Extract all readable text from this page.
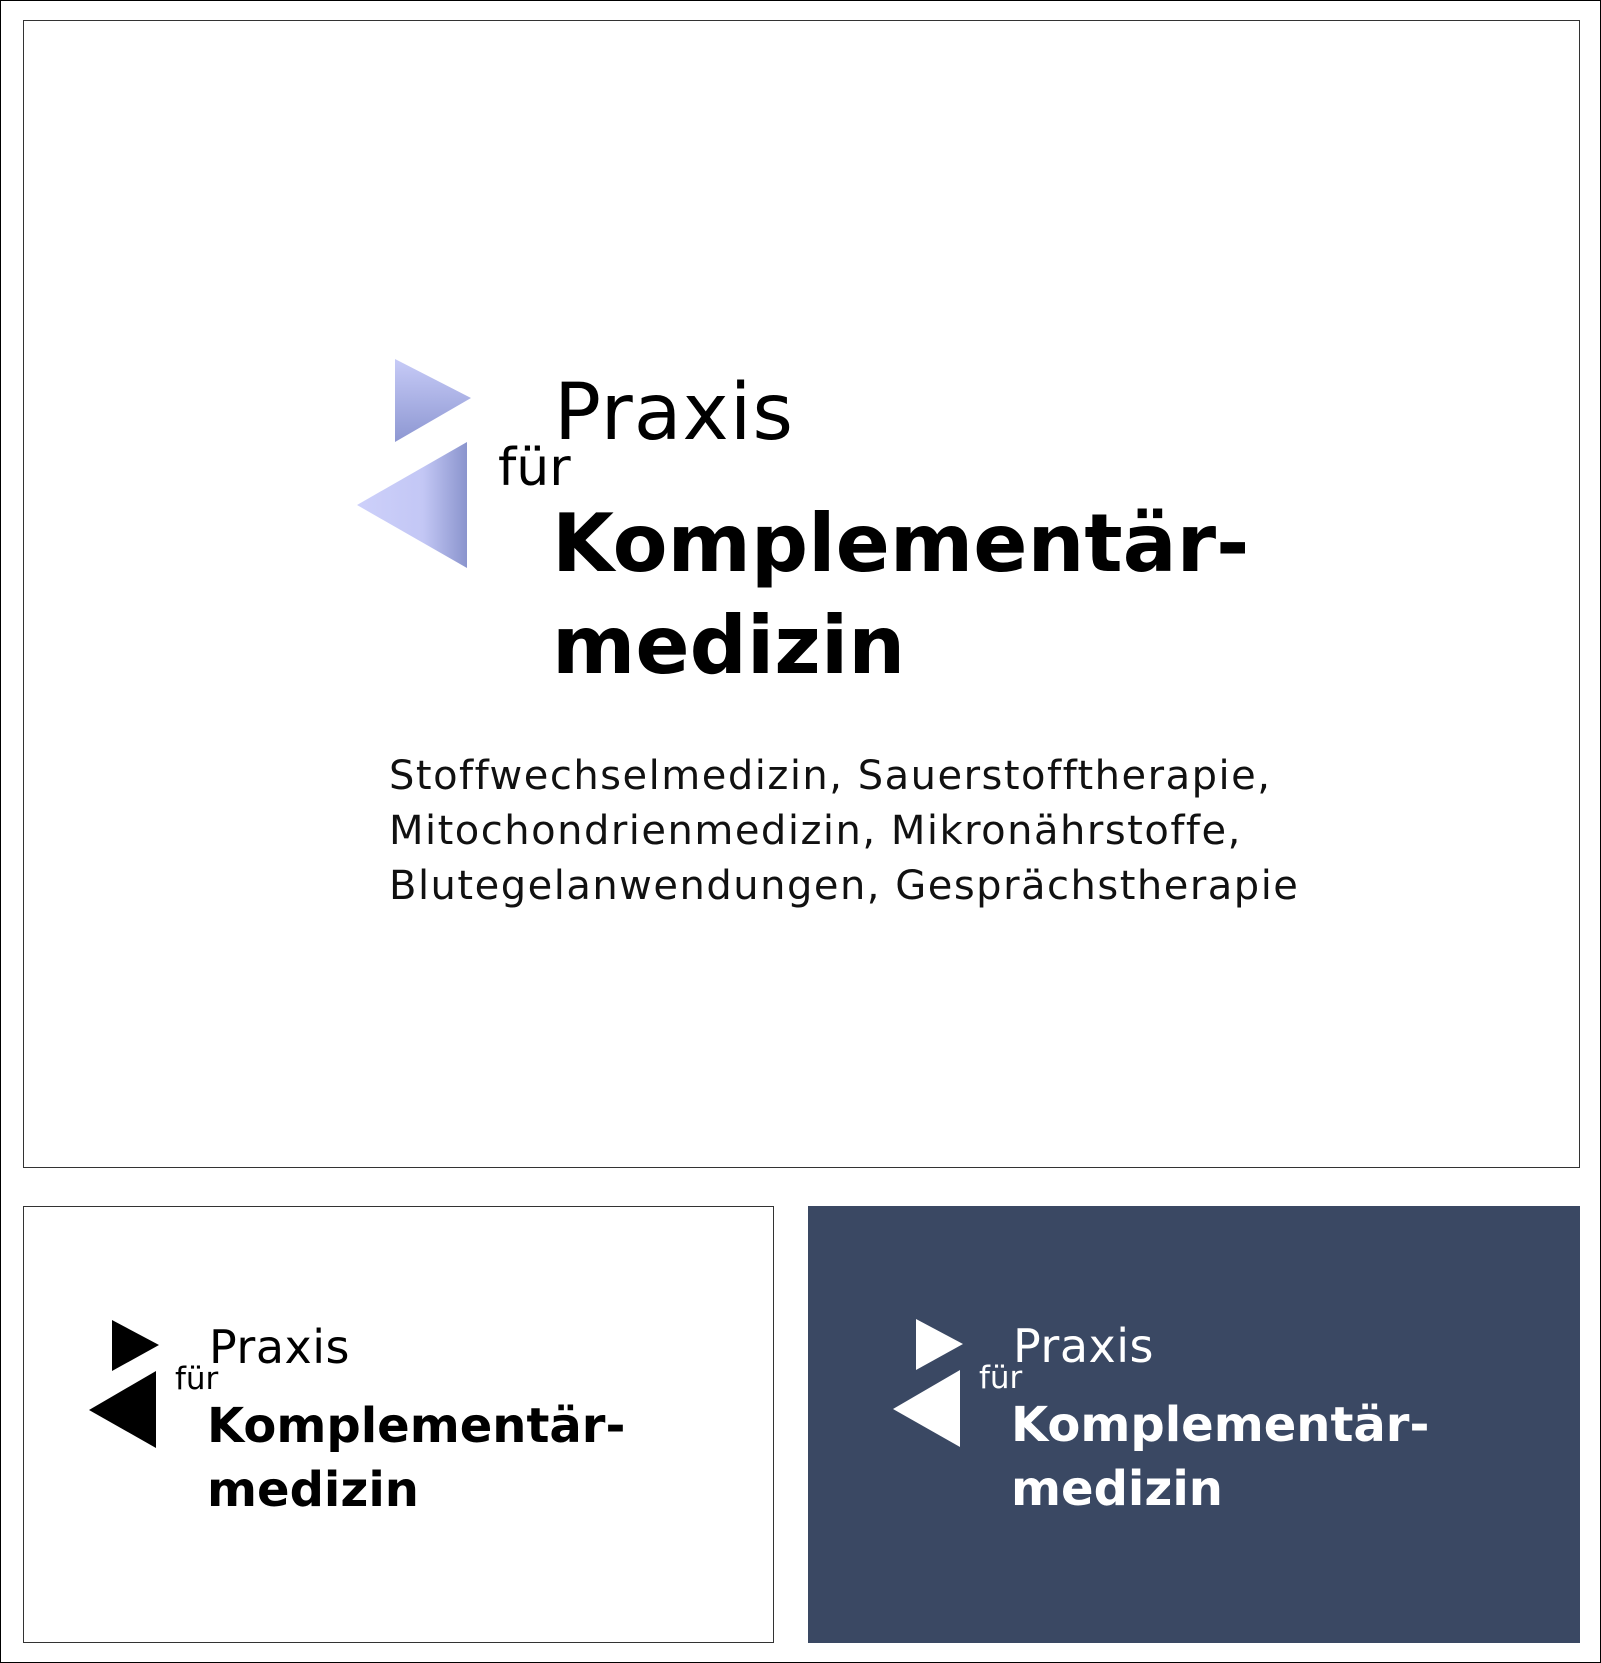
Praxis
für
Komplementär-
medizin
Stoffwechselmedizin, Sauerstofftherapie,
Mitochondrienmedizin, Mikronährstoffe,
Blutegelanwendungen, Gesprächstherapie
Praxis
für
Komplementär-
medizin
Praxis
für
Komplementär-
medizin
